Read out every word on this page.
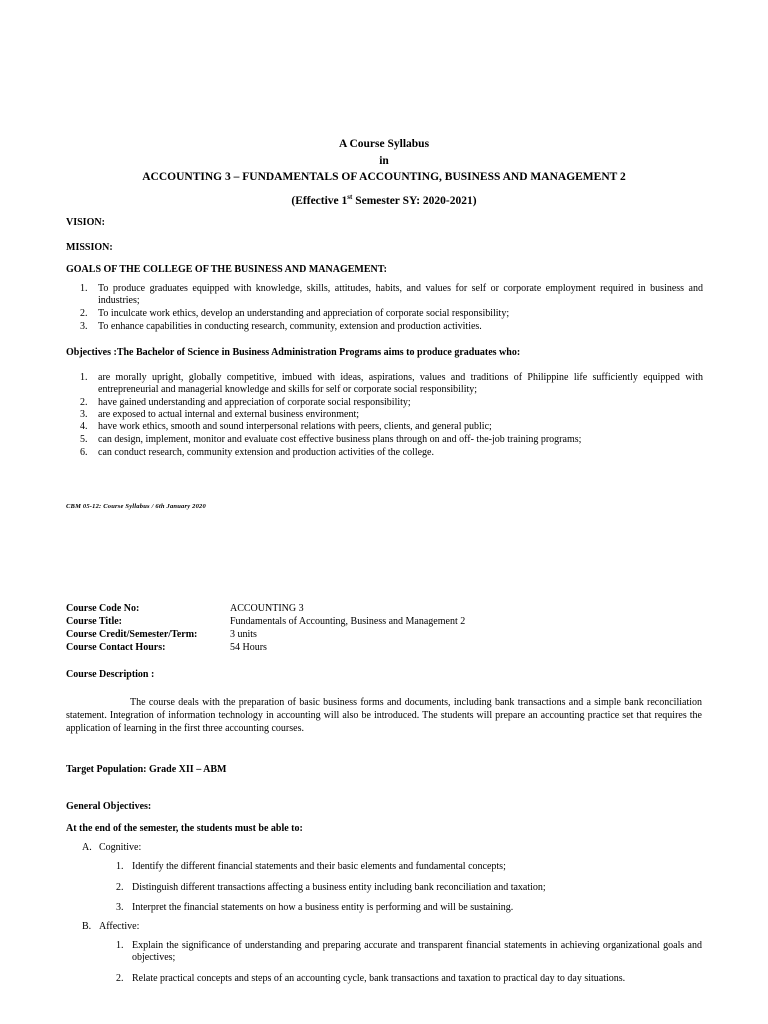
A Course Syllabus
in
ACCOUNTING 3 – FUNDAMENTALS OF ACCOUNTING, BUSINESS AND MANAGEMENT 2
(Effective 1st Semester SY: 2020-2021)
VISION:
MISSION:
GOALS OF THE COLLEGE OF THE BUSINESS AND MANAGEMENT:
1. To produce graduates equipped with knowledge, skills, attitudes, habits, and values for self or corporate employment required in business and industries;
2. To inculcate work ethics, develop an understanding and appreciation of corporate social responsibility;
3. To enhance capabilities in conducting research, community, extension and production activities.
Objectives :The Bachelor of Science in Business Administration Programs aims to produce graduates who:
1. are morally upright, globally competitive, imbued with ideas, aspirations, values and traditions of Philippine life sufficiently equipped with entrepreneurial and managerial knowledge and skills for self or corporate social responsibility;
2. have gained understanding and appreciation of corporate social responsibility;
3. are exposed to actual internal and external business environment;
4. have work ethics, smooth and sound interpersonal relations with peers, clients, and general public;
5. can design, implement, monitor and evaluate cost effective business plans through on and off- the-job training programs;
6. can conduct research, community extension and production activities of the college.
CBM 05-12: Course Syllabus / 6th January 2020
Course Code No:	ACCOUNTING 3
Course Title:	Fundamentals of Accounting, Business and Management 2
Course Credit/Semester/Term:	3 units
Course Contact Hours:	54 Hours
Course Description :
The course deals with the preparation of basic business forms and documents, including bank transactions and a simple bank reconciliation statement. Integration of information technology in accounting will also be introduced. The students will prepare an accounting practice set that requires the application of learning in the first three accounting courses.
Target Population: Grade XII – ABM
General Objectives:
At the end of the semester, the students must be able to:
A. Cognitive:
1. Identify the different financial statements and their basic elements and fundamental concepts;
2. Distinguish different transactions affecting a business entity including bank reconciliation and taxation;
3. Interpret the financial statements on how a business entity is performing and will be sustaining.
B. Affective:
1. Explain the significance of understanding and preparing accurate and transparent financial statements in achieving organizational goals and objectives;
2. Relate practical concepts and steps of an accounting cycle, bank transactions and taxation to practical day to day situations.
